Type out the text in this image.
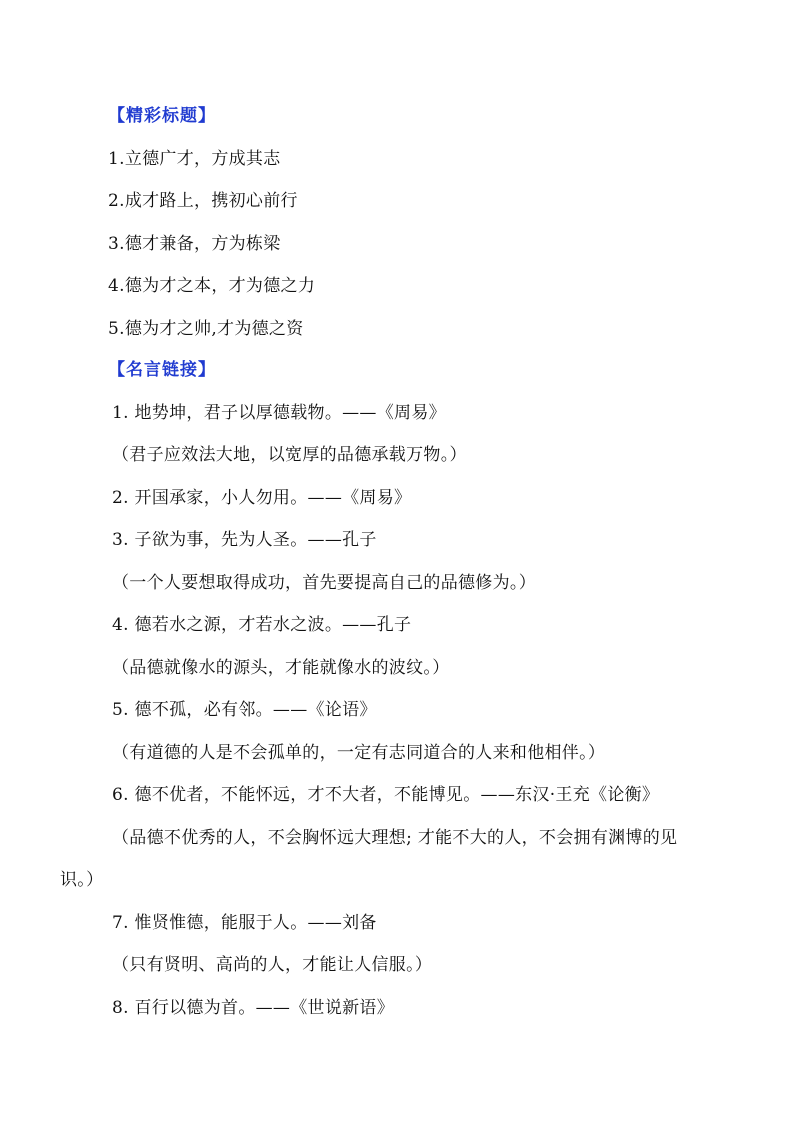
【精彩标题】
1.立德广才，方成其志
2.成才路上，携初心前行
3.德才兼备，方为栋梁
4.德为才之本，才为德之力
5.德为才之帅,才为德之资
【名言链接】
1. 地势坤，君子以厚德载物。——《周易》
（君子应效法大地，以宽厚的品德承载万物。）
2. 开国承家，小人勿用。——《周易》
3. 子欲为事，先为人圣。——孔子
（一个人要想取得成功，首先要提高自己的品德修为。）
4. 德若水之源，才若水之波。——孔子
（品德就像水的源头，才能就像水的波纹。）
5. 德不孤，必有邻。——《论语》
（有道德的人是不会孤单的，一定有志同道合的人来和他相伴。）
6. 德不优者，不能怀远，才不大者，不能博见。——东汉·王充《论衡》
（品德不优秀的人，不会胸怀远大理想; 才能不大的人，不会拥有渊博的见
识。）
7. 惟贤惟德，能服于人。——刘备
（只有贤明、高尚的人，才能让人信服。）
8. 百行以德为首。——《世说新语》
